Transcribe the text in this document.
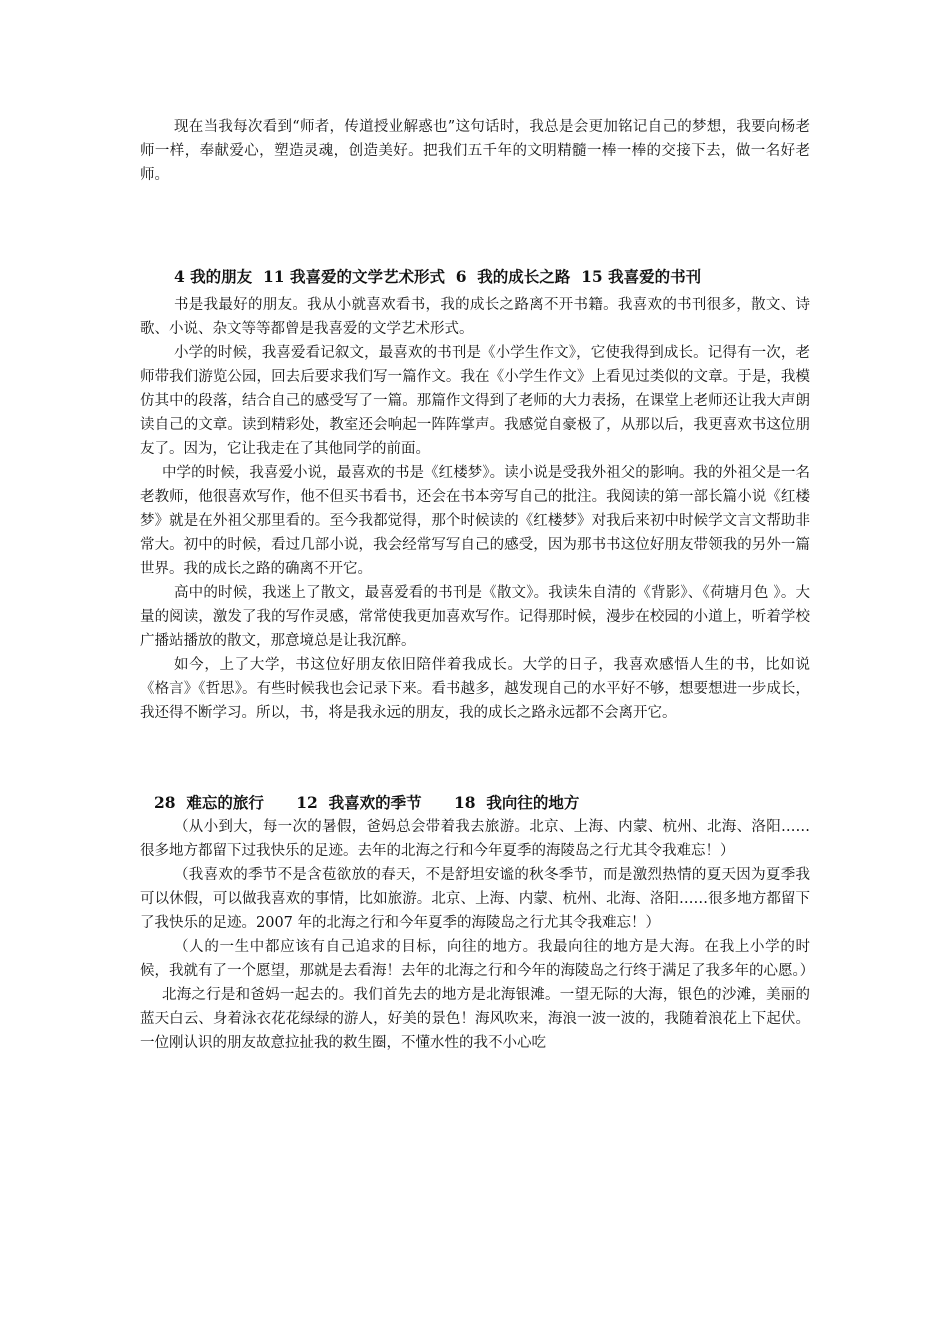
现在当我每次看到“师者，传道授业解惑也”这句话时，我总是会更加铭记自己的梦想，我要向杨老师一样，奉献爱心，塑造灵魂，创造美好。把我们五千年的文明精髓一棒一棒的交接下去，做一名好老师。

4 我的朋友  11 我喜爱的文学艺术形式  6  我的成长之路  15 我喜爱的书刊

书是我最好的朋友。我从小就喜欢看书，我的成长之路离不开书籍。我喜欢的书刊很多，散文、诗歌、小说、杂文等等都曾是我喜爱的文学艺术形式。

小学的时候，我喜爱看记叙文，最喜欢的书刊是《小学生作文》，它使我得到成长。记得有一次，老师带我们游览公园，回去后要求我们写一篇作文。我在《小学生作文》上看见过类似的文章。于是，我模仿其中的段落，结合自己的感受写了一篇。那篇作文得到了老师的大力表扬，在课堂上老师还让我大声朗读自己的文章。读到精彩处，教室还会响起一阵阵掌声。我感觉自豪极了，从那以后，我更喜欢书这位朋友了。因为，它让我走在了其他同学的前面。

中学的时候，我喜爱小说，最喜欢的书是《红楼梦》。读小说是受我外祖父的影响。我的外祖父是一名老教师，他很喜欢写作，他不但买书看书，还会在书本旁写自己的批注。我阅读的第一部长篇小说《红楼梦》就是在外祖父那里看的。至今我都觉得，那个时候读的《红楼梦》对我后来初中时候学文言文帮助非常大。初中的时候，看过几部小说，我会经常写写自己的感受，因为那书书这位好朋友带领我的另外一篇世界。我的成长之路的确离不开它。

高中的时候，我迷上了散文，最喜爱看的书刊是《散文》。我读朱自清的《背影》、《荷塘月色 》。大量的阅读，激发了我的写作灵感，常常使我更加喜欢写作。记得那时候，漫步在校园的小道上，听着学校广播站播放的散文，那意境总是让我沉醉。

如今，上了大学，书这位好朋友依旧陪伴着我成长。大学的日子，我喜欢感悟人生的书，比如说《格言》《哲思》。有些时候我也会记录下来。看书越多，越发现自己的水平好不够，想要想进一步成长，我还得不断学习。所以，书，将是我永远的朋友，我的成长之路永远都不会离开它。

28  难忘的旅行      12  我喜欢的季节      18  我向往的地方

（从小到大，每一次的暑假，爸妈总会带着我去旅游。北京、上海、内蒙、杭州、北海、洛阳……很多地方都留下过我快乐的足迹。去年的北海之行和今年夏季的海陵岛之行尤其令我难忘！）

（我喜欢的季节不是含苞欲放的春天，不是舒坦安谧的秋冬季节，而是激烈热情的夏天因为夏季我可以休假，可以做我喜欢的事情，比如旅游。北京、上海、内蒙、杭州、北海、洛阳……很多地方都留下了我快乐的足迹。2007 年的北海之行和今年夏季的海陵岛之行尤其令我难忘！）

（人的一生中都应该有自己追求的目标，向往的地方。我最向往的地方是大海。在我上小学的时候，我就有了一个愿望，那就是去看海！去年的北海之行和今年的海陵岛之行终于满足了我多年的心愿。）

北海之行是和爸妈一起去的。我们首先去的地方是北海银滩。一望无际的大海，银色的沙滩，美丽的蓝天白云、身着泳衣花花绿绿的游人，好美的景色！海风吹来，海浪一波一波的，我随着浪花上下起伏。一位刚认识的朋友故意拉扯我的救生圈，不懂水性的我不小心吃
